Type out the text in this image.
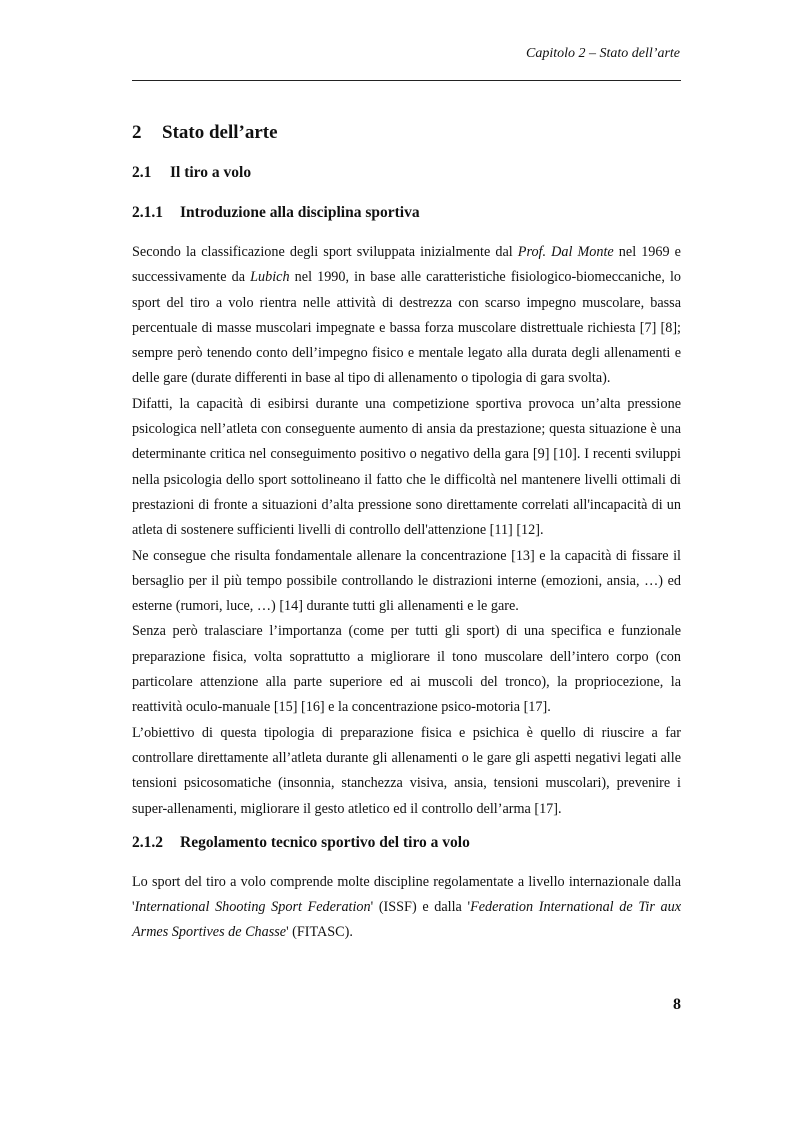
Capitolo 2 – Stato dell’arte
2 Stato dell’arte
2.1 Il tiro a volo
2.1.1 Introduzione alla disciplina sportiva

Secondo la classificazione degli sport sviluppata inizialmente dal Prof. Dal Monte nel 1969 e successivamente da Lubich nel 1990, in base alle caratteristiche fisiologico-biomeccaniche, lo sport del tiro a volo rientra nelle attività di destrezza con scarso impegno muscolare, bassa percentuale di masse muscolari impegnate e bassa forza muscolare distrettuale richiesta [7] [8]; sempre però tenendo conto dell’impegno fisico e mentale legato alla durata degli allenamenti e delle gare (durate differenti in base al tipo di allenamento o tipologia di gara svolta).

Difatti, la capacità di esibirsi durante una competizione sportiva provoca un’alta pressione psicologica nell’atleta con conseguente aumento di ansia da prestazione; questa situazione è una determinante critica nel conseguimento positivo o negativo della gara [9] [10]. I recenti sviluppi nella psicologia dello sport sottolineano il fatto che le difficoltà nel mantenere livelli ottimali di prestazioni di fronte a situazioni d’alta pressione sono direttamente correlati all'incapacità di un atleta di sostenere sufficienti livelli di controllo dell'attenzione [11] [12].

Ne consegue che risulta fondamentale allenare la concentrazione [13] e la capacità di fissare il bersaglio per il più tempo possibile controllando le distrazioni interne (emozioni, ansia, …) ed esterne (rumori, luce, …) [14] durante tutti gli allenamenti e le gare.

Senza però tralasciare l’importanza (come per tutti gli sport) di una specifica e funzionale preparazione fisica, volta soprattutto a migliorare il tono muscolare dell’intero corpo (con particolare attenzione alla parte superiore ed ai muscoli del tronco), la propriocezione, la reattività oculo-manuale [15] [16] e la concentrazione psico-motoria [17].

L’obiettivo di questa tipologia di preparazione fisica e psichica è quello di riuscire a far controllare direttamente all’atleta durante gli allenamenti o le gare gli aspetti negativi legati alle tensioni psicosomatiche (insonnia, stanchezza visiva, ansia, tensioni muscolari), prevenire i super-allenamenti, migliorare il gesto atletico ed il controllo dell’arma [17].

2.1.2 Regolamento tecnico sportivo del tiro a volo

Lo sport del tiro a volo comprende molte discipline regolamentate a livello internazionale dalla 'International Shooting Sport Federation' (ISSF) e dalla 'Federation International de Tir aux Armes Sportives de Chasse' (FITASC).

8
